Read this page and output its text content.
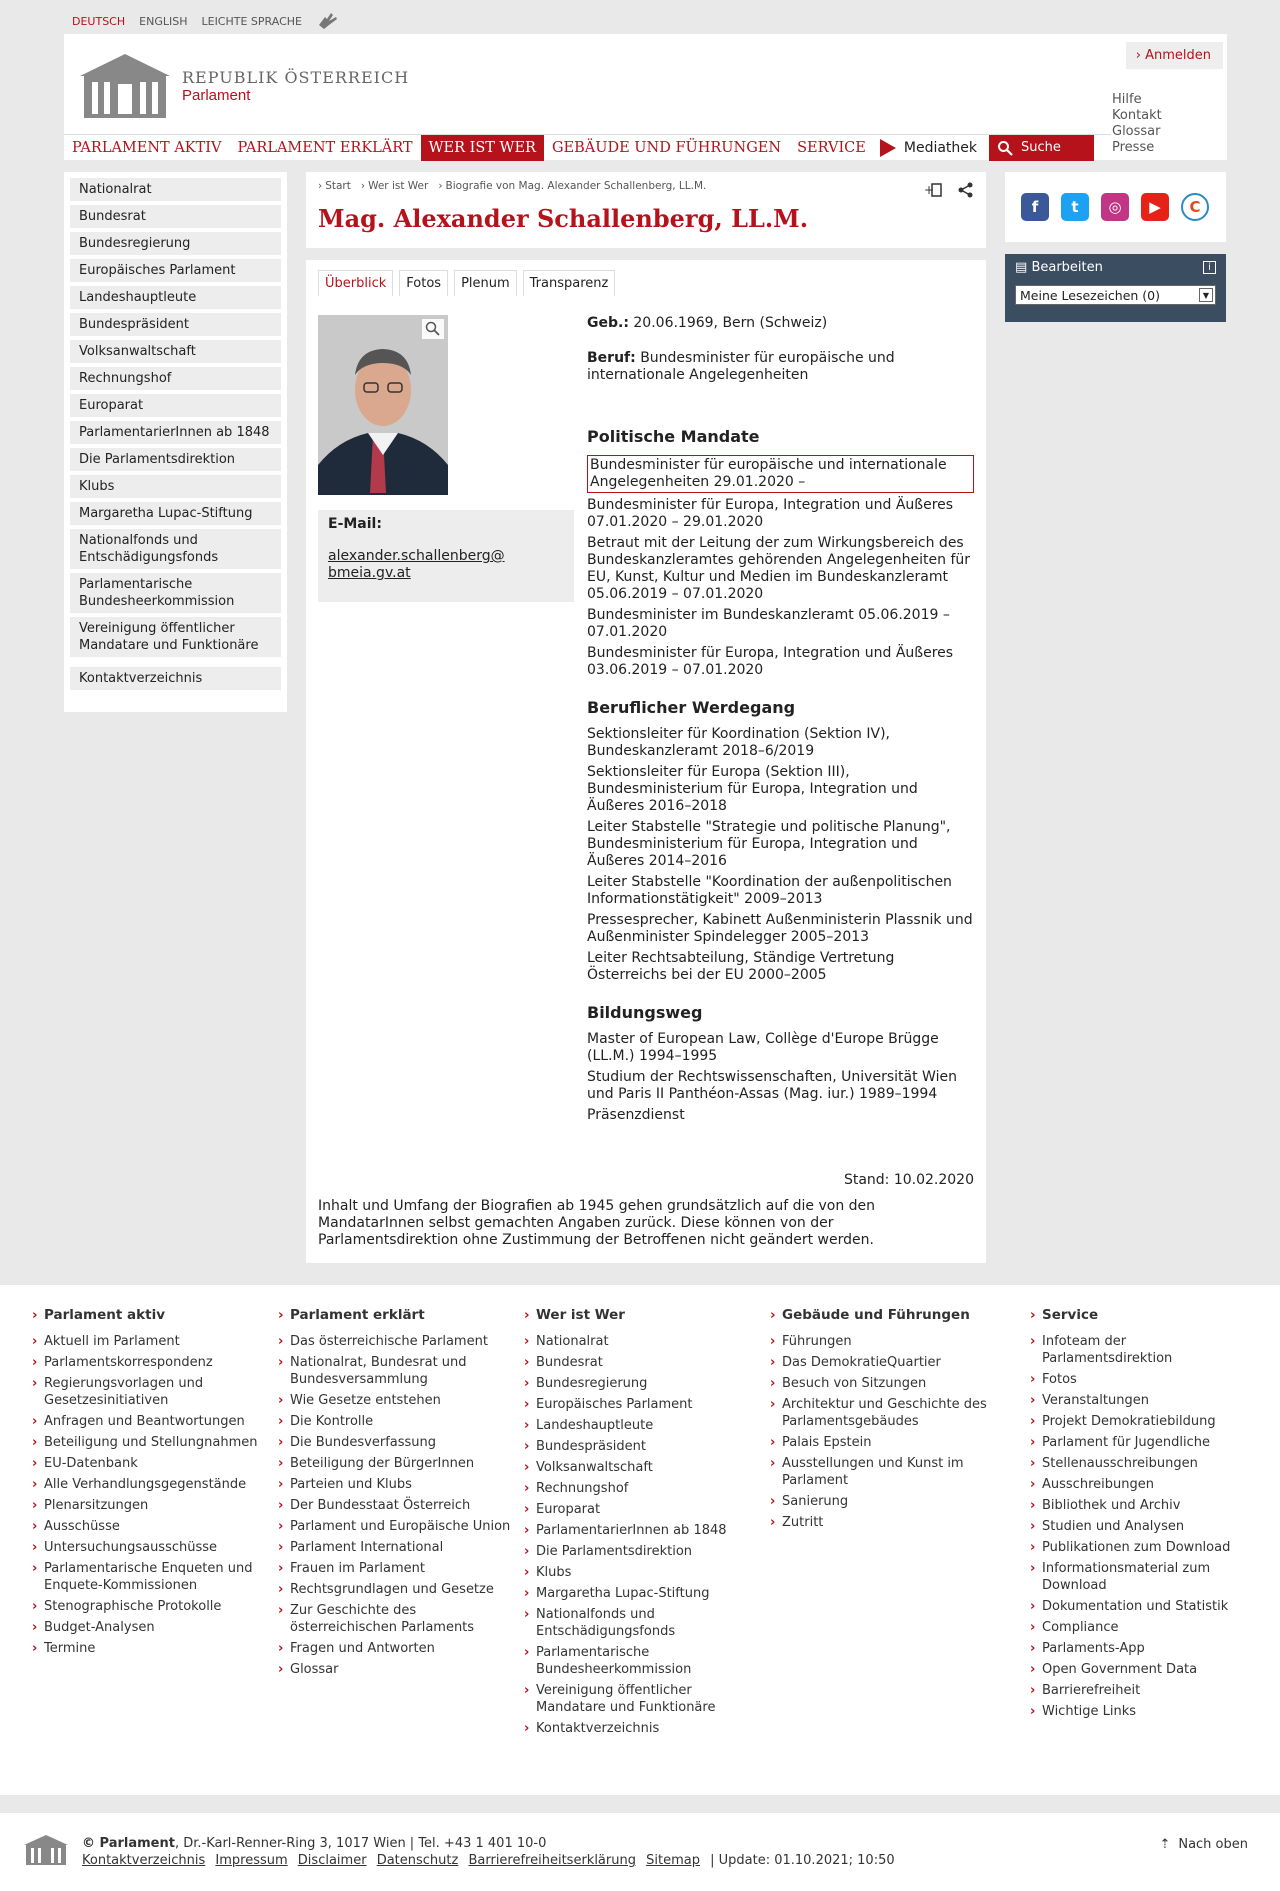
DEUTSCH ENGLISH LEICHTE SPRACHE
REPUBLIK ÖSTERREICH
Parlament
› Anmelden
Hilfe
Kontakt
Glossar
Presse
PARLAMENT AKTIV	PARLAMENT ERKLÄRT	WER IST WER	GEBÄUDE UND FÜHRUNGEN	SERVICE	Mediathek	Suche
Nationalrat
Bundesrat
Bundesregierung
Europäisches Parlament
Landeshauptleute
Bundespräsident
Volksanwaltschaft
Rechnungshof
Europarat
ParlamentarierInnen ab 1848
Die Parlamentsdirektion
Klubs
Margaretha Lupac-Stiftung
Nationalfonds und Entschädigungsfonds
Parlamentarische Bundesheerkommission
Vereinigung öffentlicher Mandatare und Funktionäre
Kontaktverzeichnis
› Start	› Wer ist Wer	› Biografie von Mag. Alexander Schallenberg, LL.M.
Mag. Alexander Schallenberg, LL.M.
+
Überblick	Fotos	Plenum	Transparenz
E-Mail:
alexander.schallenberg@
bmeia.gv.at

Geb.: 20.06.1969, Bern (Schweiz)

Beruf: Bundesminister für europäische und internationale Angelegenheiten

Politische Mandate

Bundesminister für europäische und internationale Angelegenheiten 29.01.2020 –

Bundesminister für Europa, Integration und Äußeres 07.01.2020 – 29.01.2020

Betraut mit der Leitung der zum Wirkungsbereich des Bundeskanzleramtes gehörenden Angelegenheiten für EU, Kunst, Kultur und Medien im Bundeskanzleramt 05.06.2019 – 07.01.2020

Bundesminister im Bundeskanzleramt 05.06.2019 – 07.01.2020

Bundesminister für Europa, Integration und Äußeres 03.06.2019 – 07.01.2020

Beruflicher Werdegang

Sektionsleiter für Koordination (Sektion IV), Bundeskanzleramt 2018–6/2019

Sektionsleiter für Europa (Sektion III), Bundesministerium für Europa, Integration und Äußeres 2016–2018

Leiter Stabstelle "Strategie und politische Planung", Bundesministerium für Europa, Integration und Äußeres 2014–2016

Leiter Stabstelle "Koordination der außenpolitischen Informationstätigkeit" 2009–2013

Pressesprecher, Kabinett Außenministerin Plassnik und Außenminister Spindelegger 2005–2013

Leiter Rechtsabteilung, Ständige Vertretung Österreichs bei der EU 2000–2005

Bildungsweg

Master of European Law, Collège d'Europe Brügge (LL.M.) 1994–1995

Studium der Rechtswissenschaften, Universität Wien und Paris II Panthéon-Assas (Mag. iur.) 1989–1994

Präsenzdienst

Stand: 10.02.2020
Inhalt und Umfang der Biografien ab 1945 gehen grundsätzlich auf die von den MandatarInnen selbst gemachten Angaben zurück. Diese können von der Parlamentsdirektion ohne Zustimmung der Betroffenen nicht geändert werden.
f	t	◎	▶	C
▤ Bearbeiten	i
Meine Lesezeichen (0)	▼
› Parlament aktiv
› Aktuell im Parlament
› Parlamentskorrespondenz
› Regierungsvorlagen und Gesetzesinitiativen
› Anfragen und Beantwortungen
› Beteiligung und Stellungnahmen
› EU-Datenbank
› Alle Verhandlungsgegenstände
› Plenarsitzungen
› Ausschüsse
› Untersuchungsausschüsse
› Parlamentarische Enqueten und Enquete-Kommissionen
› Stenographische Protokolle
› Budget-Analysen
› Termine
› Parlament erklärt
› Das österreichische Parlament
› Nationalrat, Bundesrat und Bundesversammlung
› Wie Gesetze entstehen
› Die Kontrolle
› Die Bundesverfassung
› Beteiligung der BürgerInnen
› Parteien und Klubs
› Der Bundesstaat Österreich
› Parlament und Europäische Union
› Parlament International
› Frauen im Parlament
› Rechtsgrundlagen und Gesetze
› Zur Geschichte des österreichischen Parlaments
› Fragen und Antworten
› Glossar
› Wer ist Wer
› Nationalrat
› Bundesrat
› Bundesregierung
› Europäisches Parlament
› Landeshauptleute
› Bundespräsident
› Volksanwaltschaft
› Rechnungshof
› Europarat
› ParlamentarierInnen ab 1848
› Die Parlamentsdirektion
› Klubs
› Margaretha Lupac-Stiftung
› Nationalfonds und Entschädigungsfonds
› Parlamentarische Bundesheerkommission
› Vereinigung öffentlicher Mandatare und Funktionäre
› Kontaktverzeichnis
› Gebäude und Führungen
› Führungen
› Das DemokratieQuartier
› Besuch von Sitzungen
› Architektur und Geschichte des Parlamentsgebäudes
› Palais Epstein
› Ausstellungen und Kunst im Parlament
› Sanierung
› Zutritt
› Service
› Infoteam der Parlamentsdirektion
› Fotos
› Veranstaltungen
› Projekt Demokratiebildung
› Parlament für Jugendliche
› Stellenausschreibungen
› Ausschreibungen
› Bibliothek und Archiv
› Studien und Analysen
› Publikationen zum Download
› Informationsmaterial zum Download
› Dokumentation und Statistik
› Compliance
› Parlaments-App
› Open Government Data
› Barrierefreiheit
› Wichtige Links
© Parlament, Dr.-Karl-Renner-Ring 3, 1017 Wien | Tel. +43 1 401 10-0
Kontaktverzeichnis Impressum Disclaimer Datenschutz Barrierefreiheitserklärung Sitemap | Update: 01.10.2021; 10:50
⇡ Nach oben
